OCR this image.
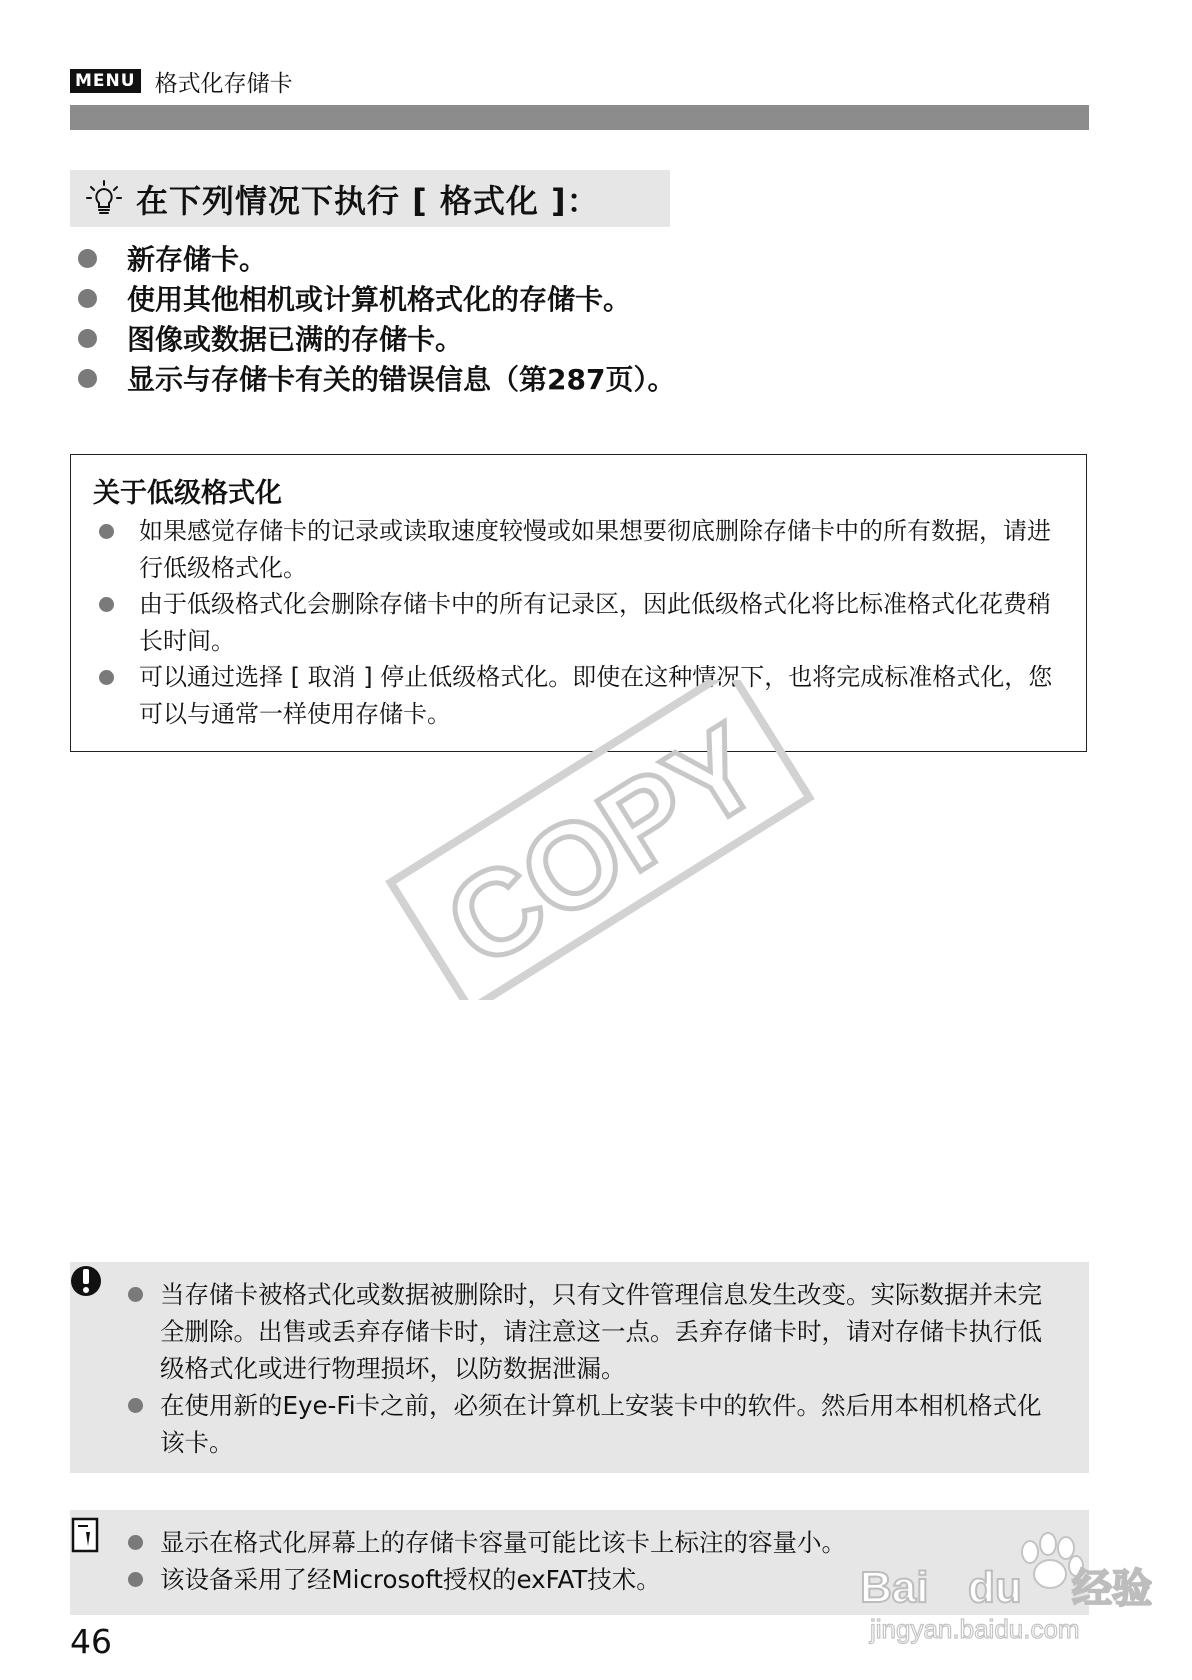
MENU 格式化存储卡
在下列情况下执行 [ 格式化 ]：
新存储卡。
使用其他相机或计算机格式化的存储卡。
图像或数据已满的存储卡。
显示与存储卡有关的错误信息（第287页）。
关于低级格式化
如果感觉存储卡的记录或读取速度较慢或如果想要彻底删除存储卡中的所有数据，请进行低级格式化。
由于低级格式化会删除存储卡中的所有记录区，因此低级格式化将比标准格式化花费稍长时间。
可以通过选择 [ 取消 ] 停止低级格式化。即使在这种情况下，也将完成标准格式化，您可以与通常一样使用存储卡。
COPY
当存储卡被格式化或数据被删除时，只有文件管理信息发生改变。实际数据并未完全删除。出售或丢弃存储卡时，请注意这一点。丢弃存储卡时，请对存储卡执行低级格式化或进行物理损坏，以防数据泄漏。
在使用新的Eye-Fi卡之前，必须在计算机上安装卡中的软件。然后用本相机格式化该卡。
显示在格式化屏幕上的存储卡容量可能比该卡上标注的容量小。
该设备采用了经Microsoft授权的exFAT技术。
46
Bai du 经验
jingyan.baidu.com
